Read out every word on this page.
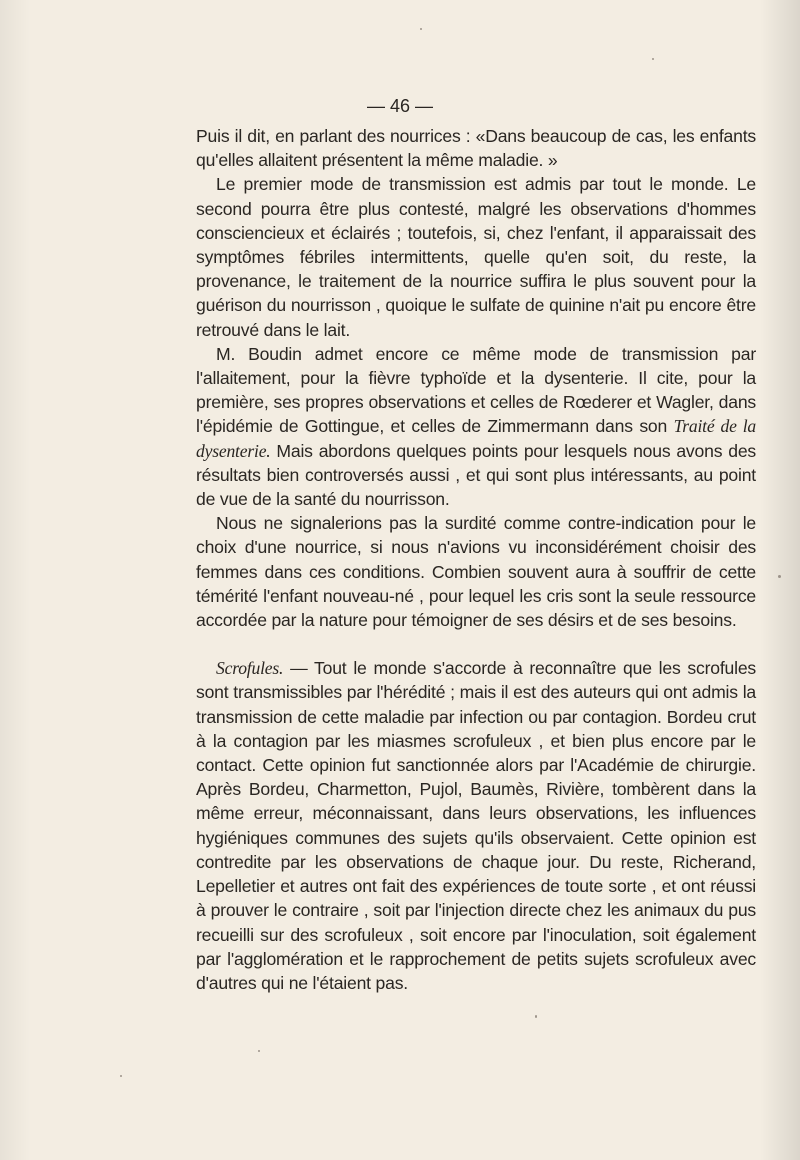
— 46 —

Puis il dit, en parlant des nourrices : «Dans beaucoup de cas, les enfants qu'elles allaitent présentent la même maladie. »

Le premier mode de transmission est admis par tout le monde. Le second pourra être plus contesté, malgré les observations d'hommes consciencieux et éclairés ; toutefois, si, chez l'enfant, il apparaissait des symptômes fébriles intermittents, quelle qu'en soit, du reste, la provenance, le traitement de la nourrice suffira le plus souvent pour la guérison du nourrisson , quoique le sulfate de quinine n'ait pu encore être retrouvé dans le lait.

M. Boudin admet encore ce même mode de transmission par l'allaitement, pour la fièvre typhoïde et la dysenterie. Il cite, pour la première, ses propres observations et celles de Rœderer et Wagler, dans l'épidémie de Gottingue, et celles de Zimmermann dans son Traité de la dysenterie. Mais abordons quelques points pour lesquels nous avons des résultats bien controversés aussi , et qui sont plus intéressants, au point de vue de la santé du nourrisson.

Nous ne signalerions pas la surdité comme contre-indication pour le choix d'une nourrice, si nous n'avions vu inconsidérément choisir des femmes dans ces conditions. Combien souvent aura à souffrir de cette témérité l'enfant nouveau-né , pour lequel les cris sont la seule ressource accordée par la nature pour témoigner de ses désirs et de ses besoins.

Scrofules. — Tout le monde s'accorde à reconnaître que les scrofules sont transmissibles par l'hérédité ; mais il est des auteurs qui ont admis la transmission de cette maladie par infection ou par contagion. Bordeu crut à la contagion par les miasmes scrofuleux , et bien plus encore par le contact. Cette opinion fut sanctionnée alors par l'Académie de chirurgie. Après Bordeu, Charmetton, Pujol, Baumès, Rivière, tombèrent dans la même erreur, méconnaissant, dans leurs observations, les influences hygiéniques communes des sujets qu'ils observaient. Cette opinion est contredite par les observations de chaque jour. Du reste, Richerand, Lepelletier et autres ont fait des expériences de toute sorte , et ont réussi à prouver le contraire , soit par l'injection directe chez les animaux du pus recueilli sur des scrofuleux , soit encore par l'inoculation, soit également par l'agglomération et le rapprochement de petits sujets scrofuleux avec d'autres qui ne l'étaient pas.
